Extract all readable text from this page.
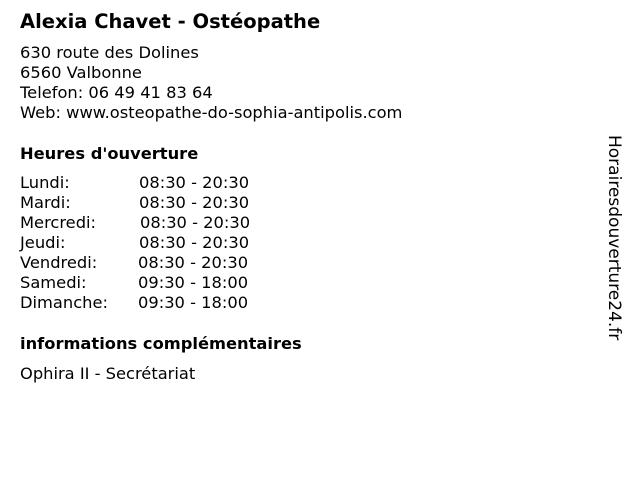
Alexia Chavet - Ostéopathe
630 route des Dolines
6560 Valbonne
Telefon: 06 49 41 83 64
Web: www.osteopathe-do-sophia-antipolis.com
Heures d'ouverture
Lundi:	08:30 - 20:30
Mardi:	08:30 - 20:30
Mercredi:	08:30 - 20:30
Jeudi:	08:30 - 20:30
Vendredi:	08:30 - 20:30
Samedi:	09:30 - 18:00
Dimanche: 09:30 - 18:00
informations complémentaires
Ophira II - Secrétariat
Horairesdouverture24.fr
